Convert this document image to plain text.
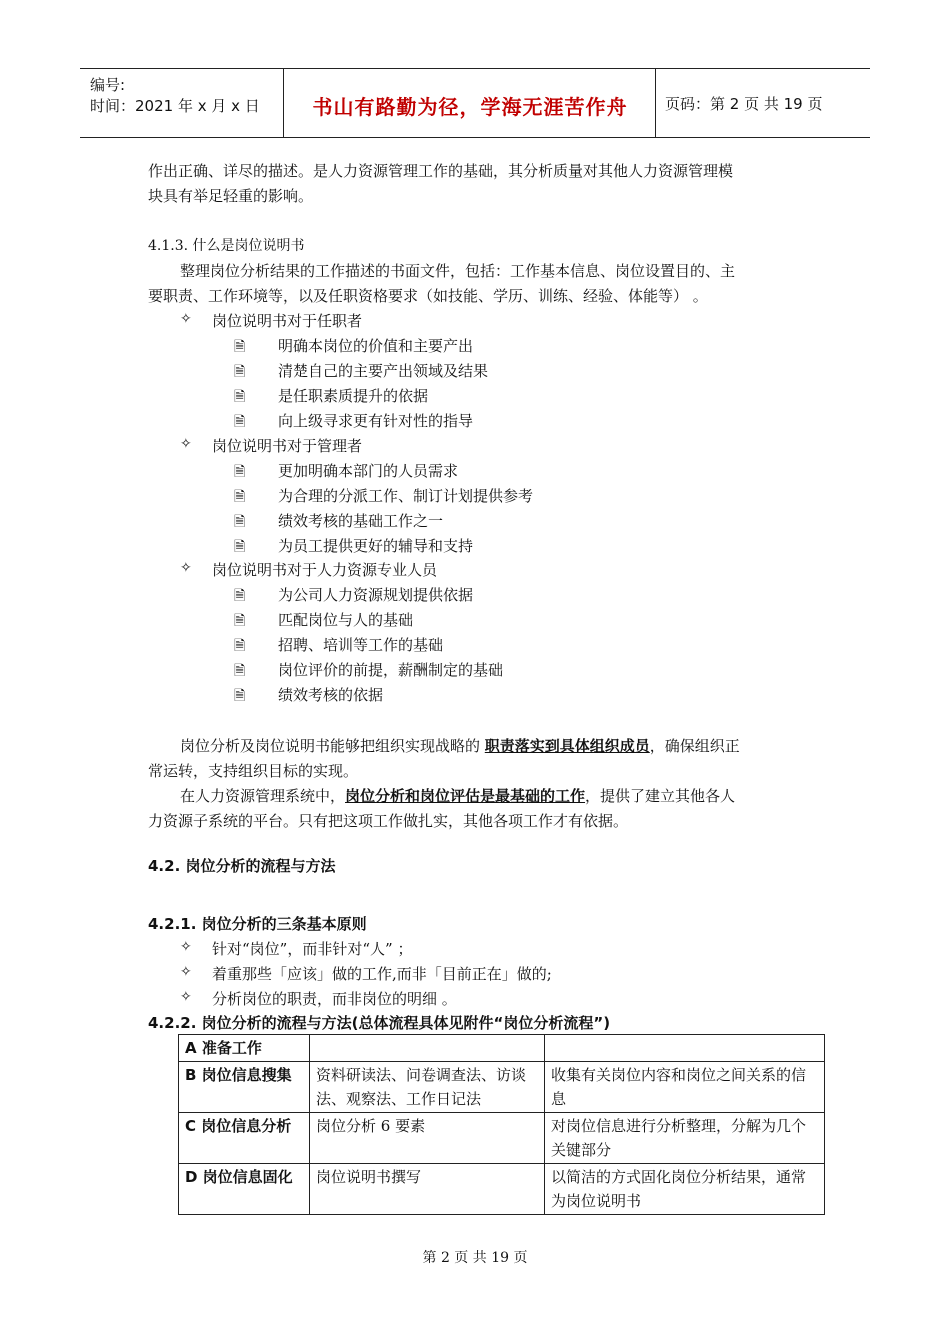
编号:
时间：2021 年 x 月 x 日	书山有路勤为径，学海无涯苦作舟	页码：第 2 页 共 19 页
作出正确、详尽的描述。是人力资源管理工作的基础，其分析质量对其他人力资源管理模
块具有举足轻重的影响。
4.1.3. 什么是岗位说明书
整理岗位分析结果的工作描述的书面文件，包括：工作基本信息、岗位设置目的、主
要职责、工作环境等，以及任职资格要求（如技能、学历、训练、经验、体能等） 。
✧ 岗位说明书对于任职者
🗎 明确本岗位的价值和主要产出
🗎 清楚自己的主要产出领域及结果
🗎 是任职素质提升的依据
🗎 向上级寻求更有针对性的指导
✧ 岗位说明书对于管理者
🗎 更加明确本部门的人员需求
🗎 为合理的分派工作、制订计划提供参考
🗎 绩效考核的基础工作之一
🗎 为员工提供更好的辅导和支持
✧ 岗位说明书对于人力资源专业人员
🗎 为公司人力资源规划提供依据
🗎 匹配岗位与人的基础
🗎 招聘、培训等工作的基础
🗎 岗位评价的前提，薪酬制定的基础
🗎 绩效考核的依据
岗位分析及岗位说明书能够把组织实现战略的 职责落实到具体组织成员，确保组织正
常运转，支持组织目标的实现。
在人力资源管理系统中，岗位分析和岗位评估是最基础的工作，提供了建立其他各人
力资源子系统的平台。只有把这项工作做扎实，其他各项工作才有依据。
4.2. 岗位分析的流程与方法
4.2.1. 岗位分析的三条基本原则
✧ 针对“岗位”，而非针对“人” ；
✧ 着重那些「应该」做的工作,而非「目前正在」做的;
✧ 分析岗位的职责，而非岗位的明细 。
4.2.2. 岗位分析的流程与方法(总体流程具体见附件“岗位分析流程”)
A 准备工作		
B 岗位信息搜集	资料研读法、问卷调查法、访谈法、观察法、工作日记法	收集有关岗位内容和岗位之间关系的信息
C 岗位信息分析	岗位分析 6 要素	对岗位信息进行分析整理，分解为几个关键部分
D 岗位信息固化	岗位说明书撰写	以简洁的方式固化岗位分析结果，通常为岗位说明书
第 2 页 共 19 页
